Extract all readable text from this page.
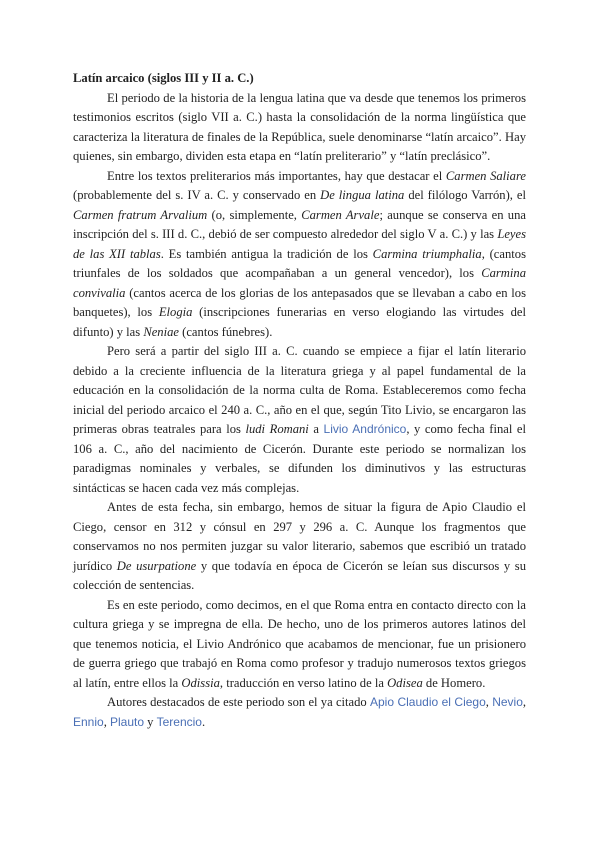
Latín arcaico (siglos III y II a. C.)

El periodo de la historia de la lengua latina que va desde que tenemos los primeros testimonios escritos (siglo VII a. C.) hasta la consolidación de la norma lingüística que caracteriza la literatura de finales de la República, suele denominarse “latín arcaico”. Hay quienes, sin embargo, dividen esta etapa en “latín preliterario” y “latín preclásico”.

Entre los textos preliterarios más importantes, hay que destacar el Carmen Saliare (probablemente del s. IV a. C. y conservado en De lingua latina del filólogo Varrón), el Carmen fratrum Arvalium (o, simplemente, Carmen Arvale; aunque se conserva en una inscripción del s. III d. C., debió de ser compuesto alrededor del siglo V a. C.) y las Leyes de las XII tablas. Es también antigua la tradición de los Carmina triumphalia, (cantos triunfales de los soldados que acompañaban a un general vencedor), los Carmina convivalia (cantos acerca de los glorias de los antepasados que se llevaban a cabo en los banquetes), los Elogia (inscripciones funerarias en verso elogiando las virtudes del difunto) y las Neniae (cantos fúnebres).

Pero será a partir del siglo III a. C. cuando se empiece a fijar el latín literario debido a la creciente influencia de la literatura griega y al papel fundamental de la educación en la consolidación de la norma culta de Roma. Estableceremos como fecha inicial del periodo arcaico el 240 a. C., año en el que, según Tito Livio, se encargaron las primeras obras teatrales para los ludi Romani a Livio Andrónico, y como fecha final el 106 a. C., año del nacimiento de Cicerón. Durante este periodo se normalizan los paradigmas nominales y verbales, se difunden los diminutivos y las estructuras sintácticas se hacen cada vez más complejas.

Antes de esta fecha, sin embargo, hemos de situar la figura de Apio Claudio el Ciego, censor en 312 y cónsul en 297 y 296 a. C. Aunque los fragmentos que conservamos no nos permiten juzgar su valor literario, sabemos que escribió un tratado jurídico De usurpatione y que todavía en época de Cicerón se leían sus discursos y su colección de sentencias.

Es en este periodo, como decimos, en el que Roma entra en contacto directo con la cultura griega y se impregna de ella. De hecho, uno de los primeros autores latinos del que tenemos noticia, el Livio Andrónico que acabamos de mencionar, fue un prisionero de guerra griego que trabajó en Roma como profesor y tradujo numerosos textos griegos al latín, entre ellos la Odissia, traducción en verso latino de la Odisea de Homero.

Autores destacados de este periodo son el ya citado Apio Claudio el Ciego, Nevio, Ennio, Plauto y Terencio.
